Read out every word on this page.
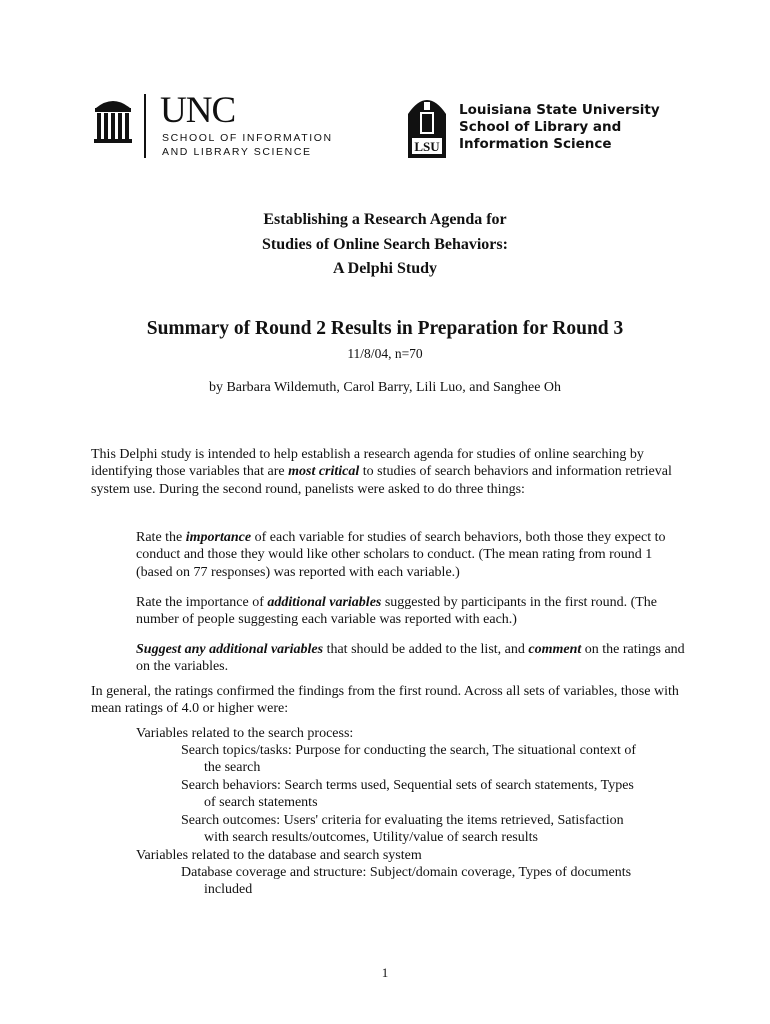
UNC
SCHOOL OF INFORMATION
AND LIBRARY SCIENCE	LSU
Louisiana State University
School of Library and
Information Science
Establishing a Research Agenda for
Studies of Online Search Behaviors:
A Delphi Study
Summary of Round 2 Results in Preparation for Round 3
11/8/04, n=70
by Barbara Wildemuth, Carol Barry, Lili Luo, and Sanghee Oh
This Delphi study is intended to help establish a research agenda for studies of online searching by identifying those variables that are most critical to studies of search behaviors and information retrieval system use. During the second round, panelists were asked to do three things:
Rate the importance of each variable for studies of search behaviors, both those they expect to conduct and those they would like other scholars to conduct. (The mean rating from round 1 (based on 77 responses) was reported with each variable.)
Rate the importance of additional variables suggested by participants in the first round. (The number of people suggesting each variable was reported with each.)
Suggest any additional variables that should be added to the list, and comment on the ratings and on the variables.
In general, the ratings confirmed the findings from the first round. Across all sets of variables, those with mean ratings of 4.0 or higher were:
Variables related to the search process:
Search topics/tasks: Purpose for conducting the search, The situational context of
the search
Search behaviors: Search terms used, Sequential sets of search statements, Types
of search statements
Search outcomes: Users' criteria for evaluating the items retrieved, Satisfaction
with search results/outcomes, Utility/value of search results
Variables related to the database and search system
Database coverage and structure: Subject/domain coverage, Types of documents
included
1
